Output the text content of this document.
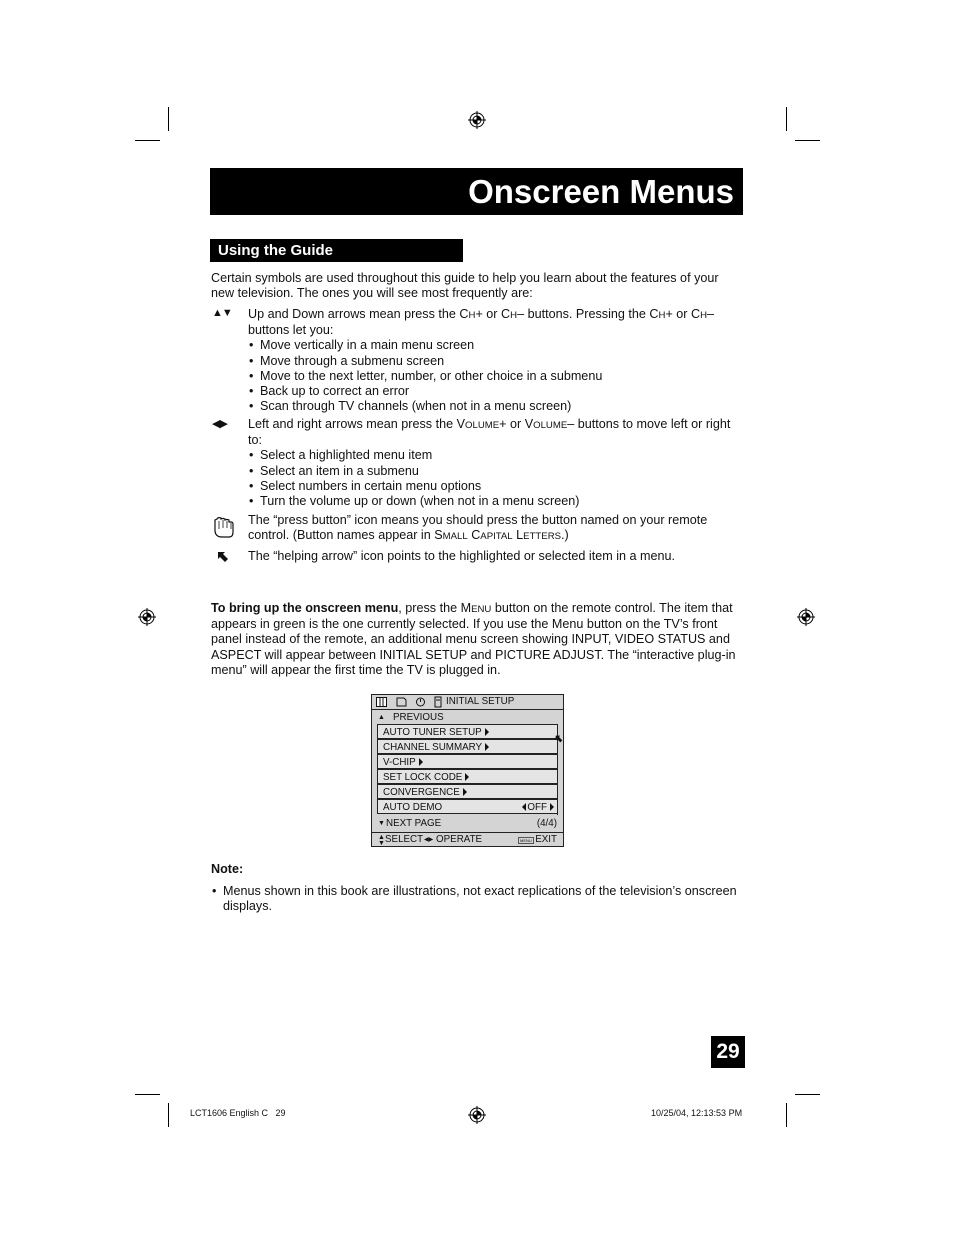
Onscreen Menus
Using the Guide
Certain symbols are used throughout this guide to help you learn about the features of your new television. The ones you will see most frequently are:
▲▼ Up and Down arrows mean press the CH+ or CH– buttons. Pressing the CH+ or CH–
buttons let you:
• Move vertically in a main menu screen
• Move through a submenu screen
• Move to the next letter, number, or other choice in a submenu
• Back up to correct an error
• Scan through TV channels (when not in a menu screen)
◀▶ Left and right arrows mean press the VOLUME+ or VOLUME– buttons to move left or right
to:
• Select a highlighted menu item
• Select an item in a submenu
• Select numbers in certain menu options
• Turn the volume up or down (when not in a menu screen)
The “press button” icon means you should press the button named on your remote
control. (Button names appear in SMALL CAPITAL LETTERS.)
The “helping arrow” icon points to the highlighted or selected item in a menu.
To bring up the onscreen menu, press the MENU button on the remote control. The item that
appears in green is the one currently selected. If you use the Menu button on the TV’s front
panel instead of the remote, an additional menu screen showing INPUT, VIDEO STATUS and
ASPECT will appear between INITIAL SETUP and PICTURE ADJUST. The “interactive plug-in
menu” will appear the first time the TV is plugged in.
INITIAL SETUP
▲ PREVIOUS
AUTO TUNER SETUP
CHANNEL SUMMARY
V-CHIP
SET LOCK CODE
CONVERGENCE
AUTO DEMO	OFF
▼ NEXT PAGE	(4/4)
▲
▼ SELECT ◀▶ OPERATE	MENU EXIT
Note:
• Menus shown in this book are illustrations, not exact replications of the television’s onscreen
displays.
29
LCT1606 English C   29	10/25/04, 12:13:53 PM
